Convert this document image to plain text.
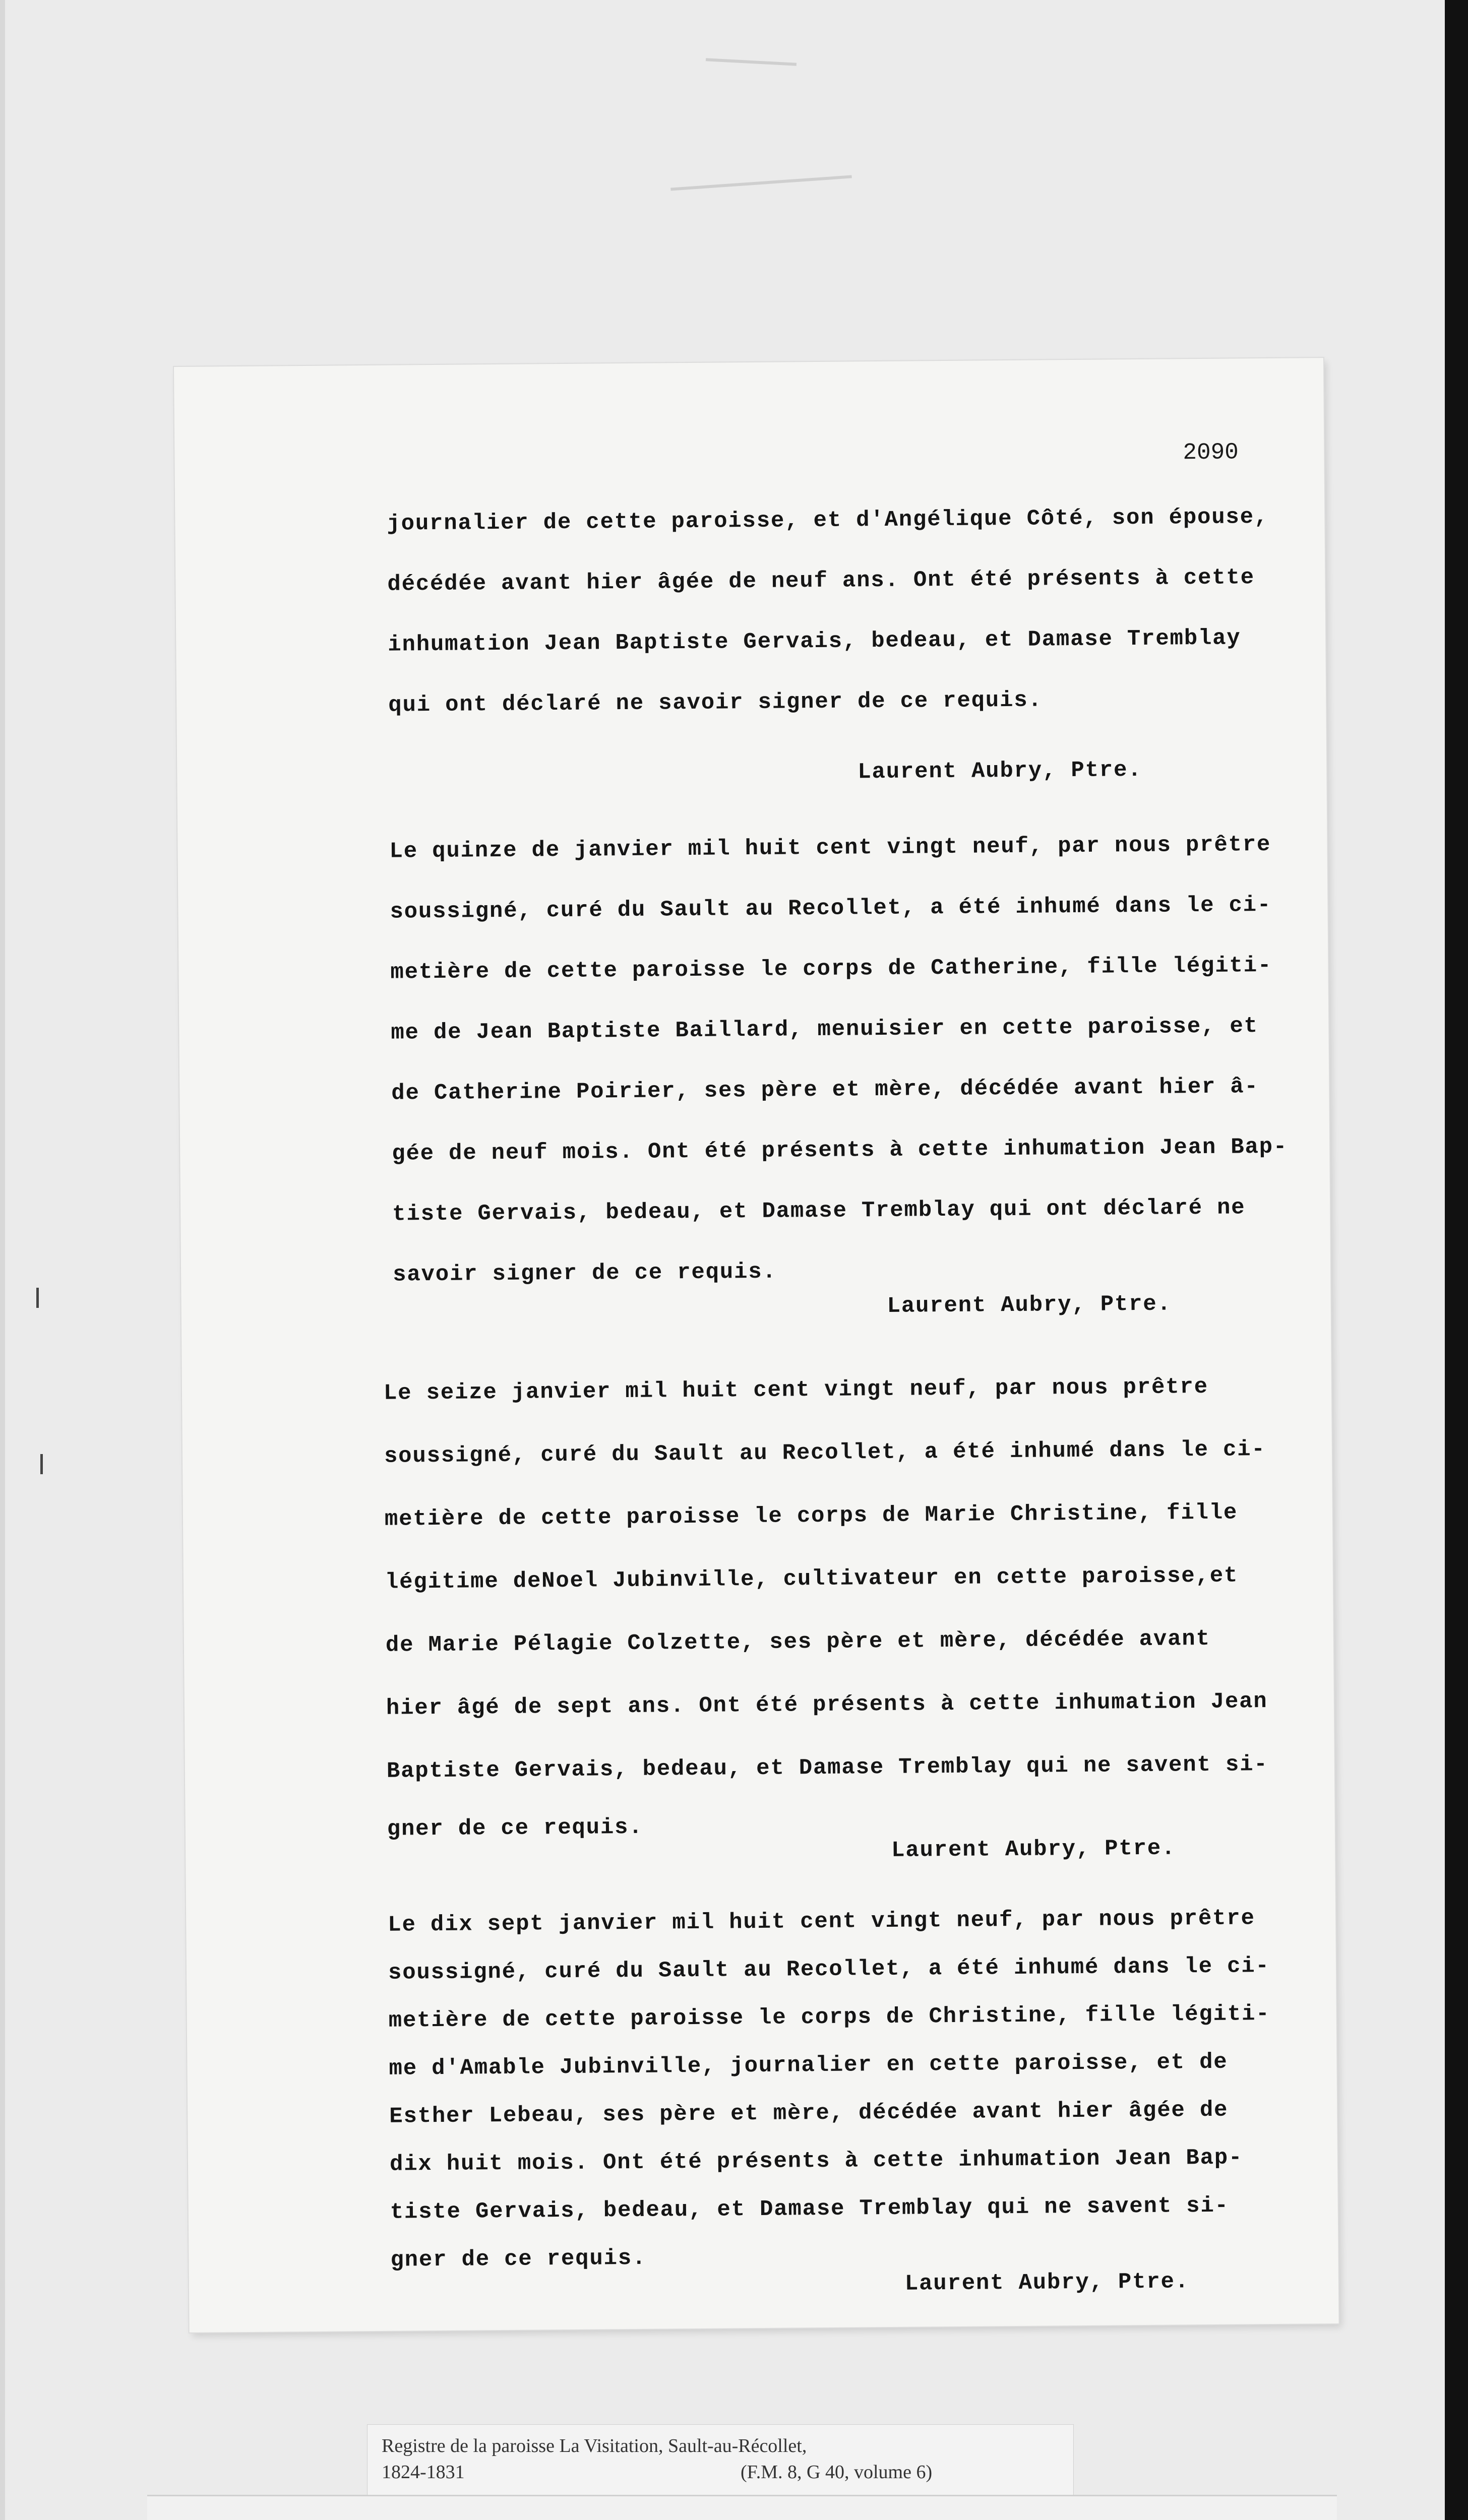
2090
journalier de cette paroisse, et d'Angélique Côté, son épouse,
décédée avant hier âgée de neuf ans. Ont été présents à cette
inhumation Jean Baptiste Gervais, bedeau, et Damase Tremblay
qui ont déclaré ne savoir signer de ce requis.
Laurent Aubry, Ptre.
Le quinze de janvier mil huit cent vingt neuf, par nous prêtre
soussigné, curé du Sault au Recollet, a été inhumé dans le ci-
metière de cette paroisse le corps de Catherine, fille légiti-
me de Jean Baptiste Baillard, menuisier en cette paroisse, et
de Catherine Poirier, ses père et mère, décédée avant hier â-
gée de neuf mois. Ont été présents à cette inhumation Jean Bap-
tiste Gervais, bedeau, et Damase Tremblay qui ont déclaré ne
savoir signer de ce requis.
Laurent Aubry, Ptre.
Le seize janvier mil huit cent vingt neuf, par nous prêtre
soussigné, curé du Sault au Recollet, a été inhumé dans le ci-
metière de cette paroisse le corps de Marie Christine, fille
légitime deNoel Jubinville, cultivateur en cette paroisse,et
de Marie Pélagie Colzette, ses père et mère, décédée avant
hier âgé de sept ans. Ont été présents à cette inhumation Jean
Baptiste Gervais, bedeau, et Damase Tremblay qui ne savent si-
gner de ce requis.
Laurent Aubry, Ptre.
Le dix sept janvier mil huit cent vingt neuf, par nous prêtre
soussigné, curé du Sault au Recollet, a été inhumé dans le ci-
metière de cette paroisse le corps de Christine, fille légiti-
me d'Amable Jubinville, journalier en cette paroisse, et de
Esther Lebeau, ses père et mère, décédée avant hier âgée de
dix huit mois. Ont été présents à cette inhumation Jean Bap-
tiste Gervais, bedeau, et Damase Tremblay qui ne savent si-
gner de ce requis.
Laurent Aubry, Ptre.
Registre de la paroisse La Visitation, Sault-au-Récollet,
1824-1831	(F.M. 8, G 40, volume 6)
